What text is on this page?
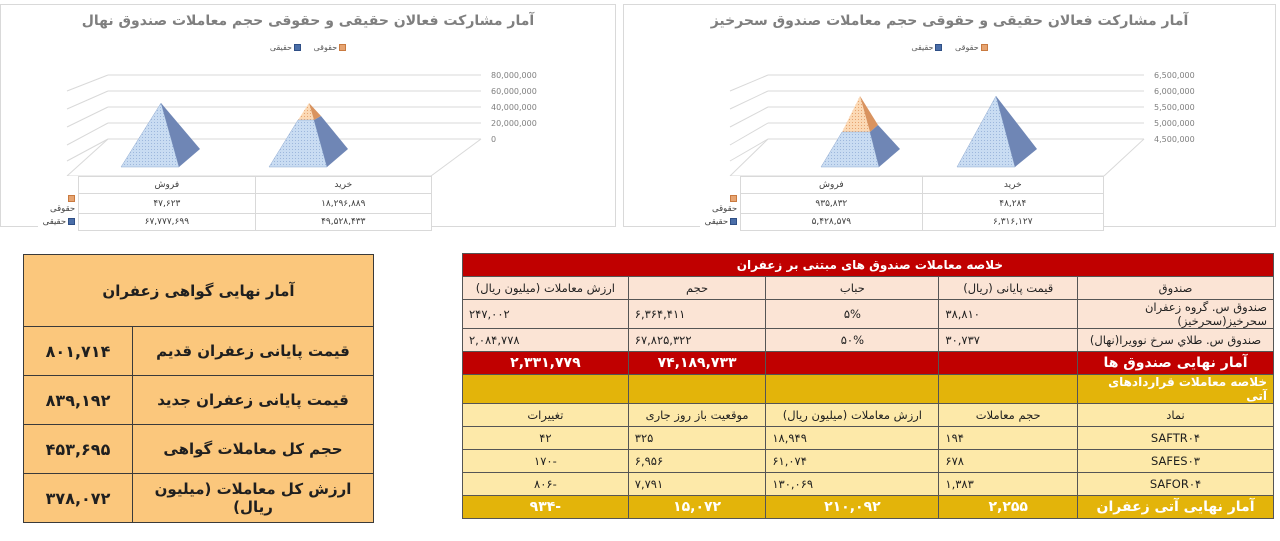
آمار مشارکت فعالان حقیقی و حقوقی حجم معاملات صندوق نهال
حقوقی حقیقی
80,000,000
60,000,000
40,000,000
20,000,000
0
خرید	فروش	
۱۸,۲۹۶,۸۸۹	۴۷,۶۲۳	حقوقی
۴۹,۵۲۸,۴۳۳	۶۷,۷۷۷,۶۹۹	حقیقی
آمار مشارکت فعالان حقیقی و حقوقی حجم معاملات صندوق سحرخیز
حقوقی حقیقی
6,500,000
6,000,000
5,500,000
5,000,000
4,500,000
خرید	فروش	
۴۸,۲۸۴	۹۳۵,۸۳۲	حقوقی
۶,۳۱۶,۱۲۷	۵,۴۲۸,۵۷۹	حقیقی
آمار نهایی گواهی زعفران	
قیمت پایانی زعفران قدیم	۸۰۱,۷۱۴
قیمت پایانی زعفران جدید	۸۳۹,۱۹۲
حجم کل معاملات گواهی	۴۵۳,۶۹۵
ارزش کل معاملات (میلیون ریال)	۳۷۸,۰۷۲
خلاصه معاملات صندوق های مبتنی بر زعفران				
صندوق	قیمت پایانی (ریال)	حباب	حجم	ارزش معاملات (میلیون ریال)
صندوق س. گروه زعفران سحرخیز(سحرخیز)	۳۸,۸۱۰	۵%	۶,۳۶۴,۴۱۱	۲۴۷,۰۰۲
صندوق س. طلاي سرخ نوويرا(نهال)	۳۰,۷۳۷	۵۰%	۶۷,۸۲۵,۳۲۲	۲,۰۸۴,۷۷۸
آمار نهایی صندوق ها			۷۴,۱۸۹,۷۳۳	۲,۳۳۱,۷۷۹
خلاصه معاملات قراردادهای آتی				
نماد	حجم معاملات	ارزش معاملات (میلیون ریال)	موقعیت باز روز جاری	تغییرات
SAFTR۰۴	۱۹۴	۱۸,۹۴۹	۳۲۵	۴۲
SAFES۰۳	۶۷۸	۶۱,۰۷۴	۶,۹۵۶	-۱۷۰
SAFOR۰۴	۱,۳۸۳	۱۳۰,۰۶۹	۷,۷۹۱	-۸۰۶
آمار نهایی آتی زعفران	۲,۲۵۵	۲۱۰,۰۹۲	۱۵,۰۷۲	-۹۳۴
